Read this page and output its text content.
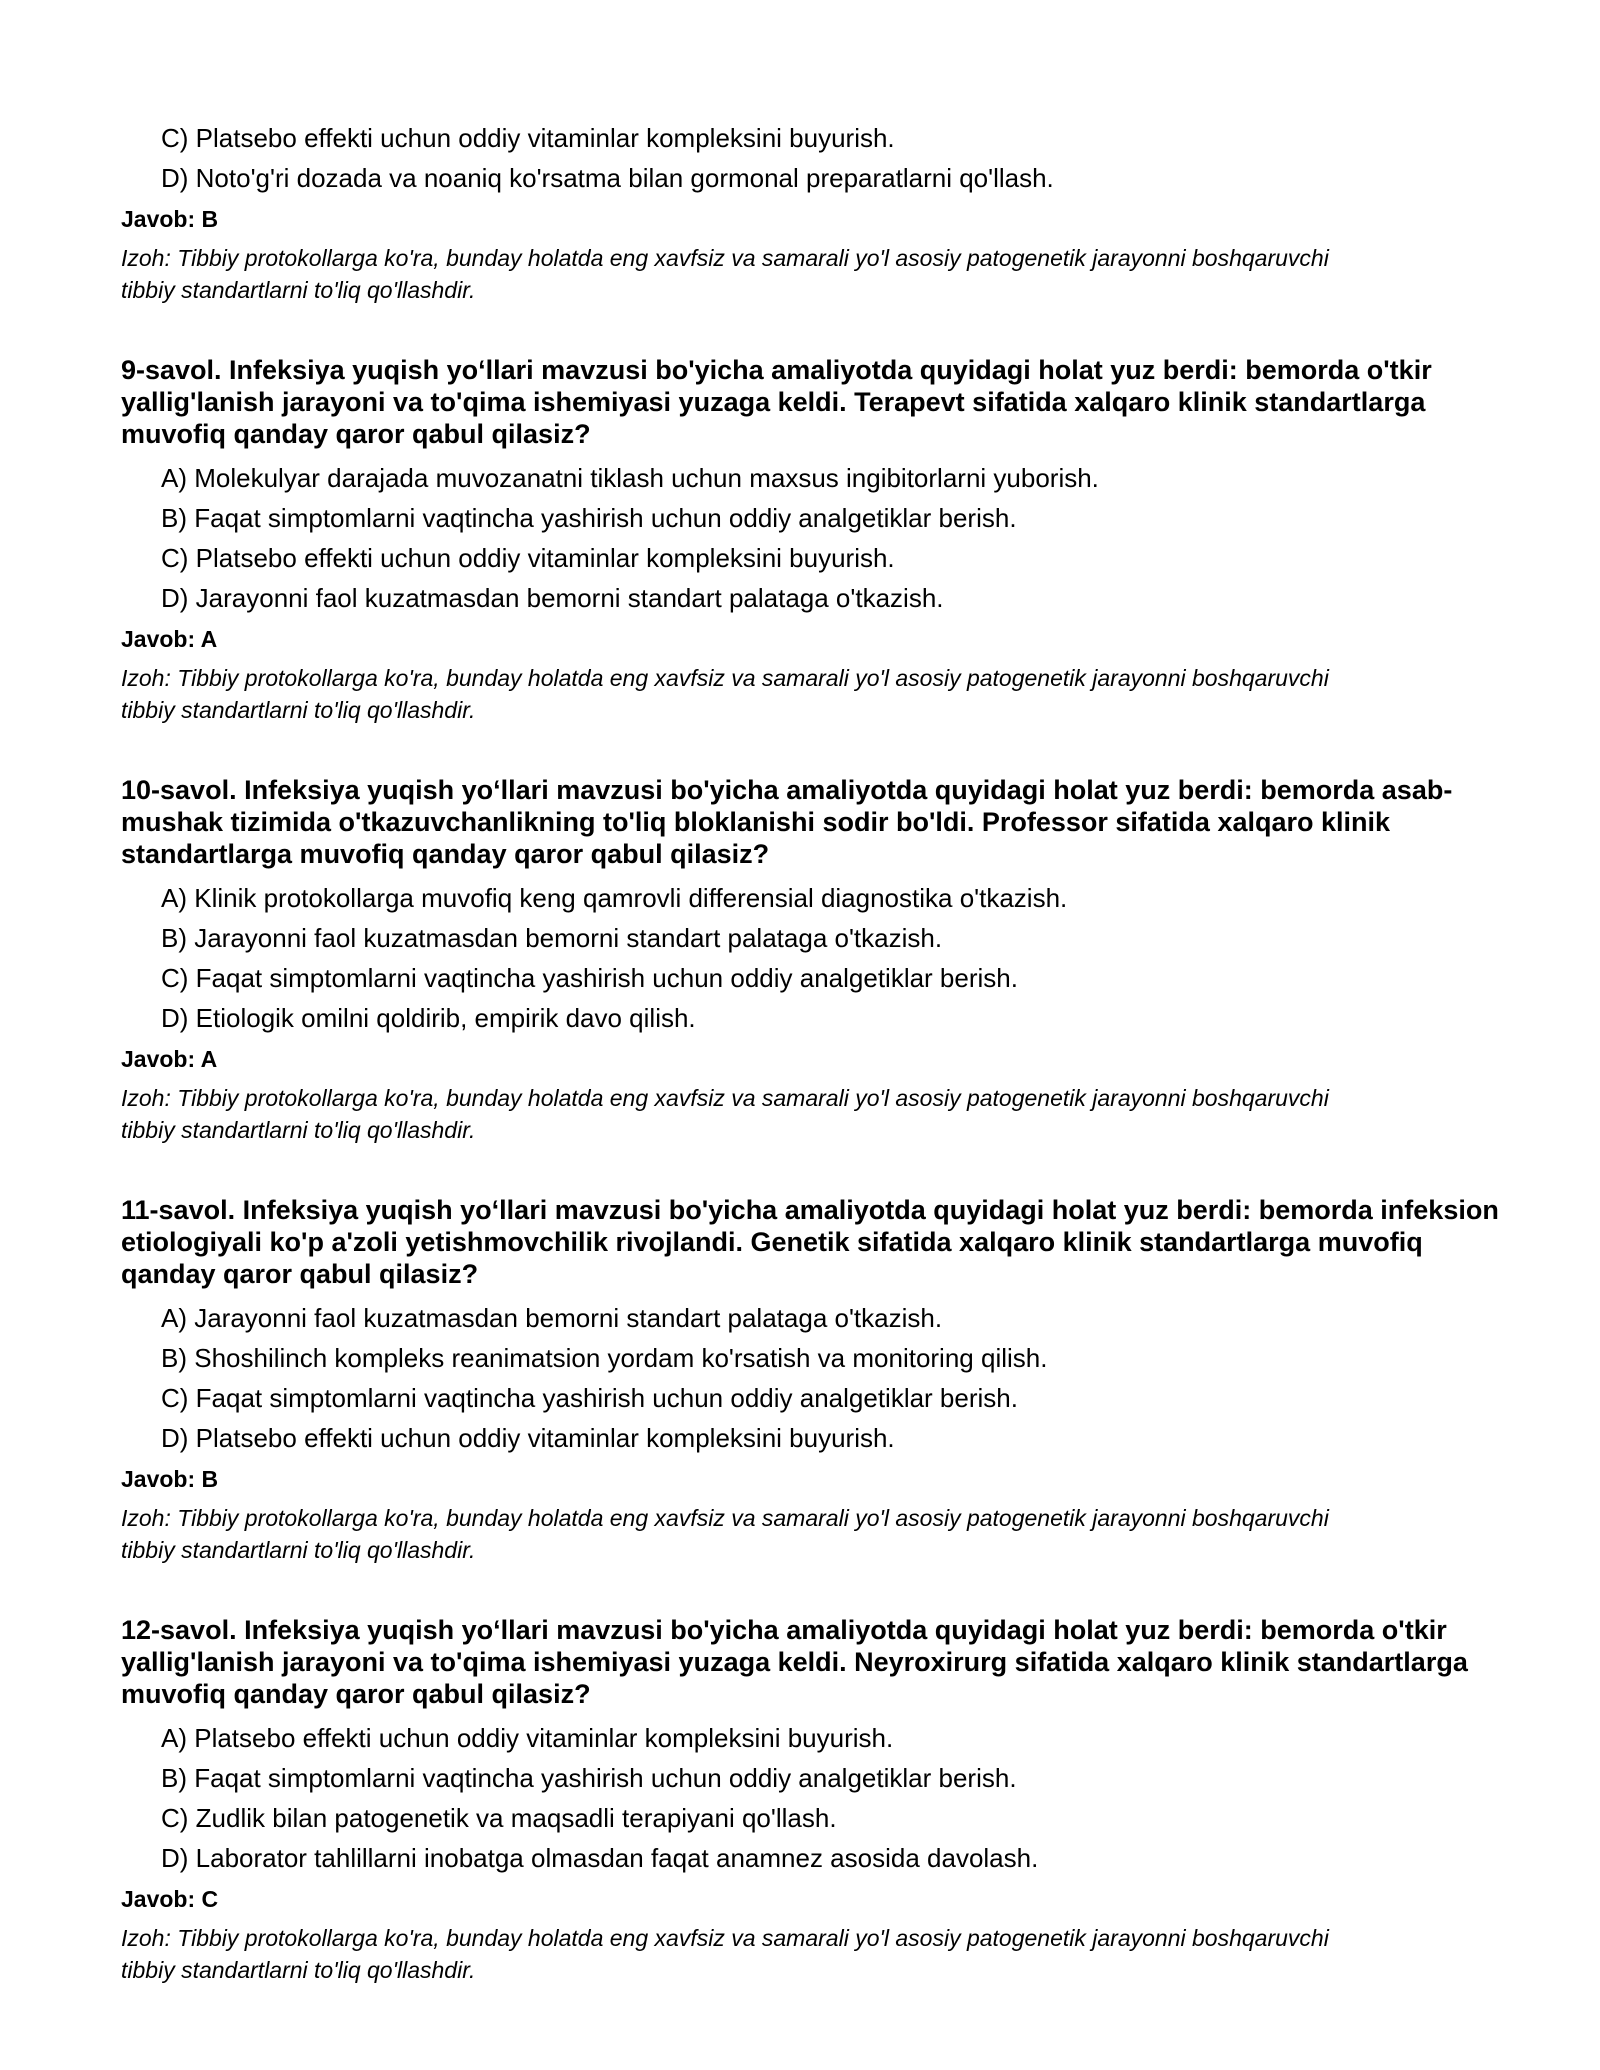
C) Platsebo effekti uchun oddiy vitaminlar kompleksini buyurish.
D) Noto'g'ri dozada va noaniq ko'rsatma bilan gormonal preparatlarni qo'llash.
Javob: B
Izoh: Tibbiy protokollarga ko'ra, bunday holatda eng xavfsiz va samarali yo'l asosiy patogenetik jarayonni boshqaruvchi tibbiy standartlarni to'liq qo'llashdir.
9-savol. Infeksiya yuqish yo‘llari mavzusi bo'yicha amaliyotda quyidagi holat yuz berdi: bemorda o'tkir yallig'lanish jarayoni va to'qima ishemiyasi yuzaga keldi. Terapevt sifatida xalqaro klinik standartlarga muvofiq qanday qaror qabul qilasiz?
A) Molekulyar darajada muvozanatni tiklash uchun maxsus ingibitorlarni yuborish.
B) Faqat simptomlarni vaqtincha yashirish uchun oddiy analgetiklar berish.
C) Platsebo effekti uchun oddiy vitaminlar kompleksini buyurish.
D) Jarayonni faol kuzatmasdan bemorni standart palataga o'tkazish.
Javob: A
Izoh: Tibbiy protokollarga ko'ra, bunday holatda eng xavfsiz va samarali yo'l asosiy patogenetik jarayonni boshqaruvchi tibbiy standartlarni to'liq qo'llashdir.
10-savol. Infeksiya yuqish yo‘llari mavzusi bo'yicha amaliyotda quyidagi holat yuz berdi: bemorda asab-mushak tizimida o'tkazuvchanlikning to'liq bloklanishi sodir bo'ldi. Professor sifatida xalqaro klinik standartlarga muvofiq qanday qaror qabul qilasiz?
A) Klinik protokollarga muvofiq keng qamrovli differensial diagnostika o'tkazish.
B) Jarayonni faol kuzatmasdan bemorni standart palataga o'tkazish.
C) Faqat simptomlarni vaqtincha yashirish uchun oddiy analgetiklar berish.
D) Etiologik omilni qoldirib, empirik davo qilish.
Javob: A
Izoh: Tibbiy protokollarga ko'ra, bunday holatda eng xavfsiz va samarali yo'l asosiy patogenetik jarayonni boshqaruvchi tibbiy standartlarni to'liq qo'llashdir.
11-savol. Infeksiya yuqish yo‘llari mavzusi bo'yicha amaliyotda quyidagi holat yuz berdi: bemorda infeksion etiologiyali ko'p a'zoli yetishmovchilik rivojlandi. Genetik sifatida xalqaro klinik standartlarga muvofiq qanday qaror qabul qilasiz?
A) Jarayonni faol kuzatmasdan bemorni standart palataga o'tkazish.
B) Shoshilinch kompleks reanimatsion yordam ko'rsatish va monitoring qilish.
C) Faqat simptomlarni vaqtincha yashirish uchun oddiy analgetiklar berish.
D) Platsebo effekti uchun oddiy vitaminlar kompleksini buyurish.
Javob: B
Izoh: Tibbiy protokollarga ko'ra, bunday holatda eng xavfsiz va samarali yo'l asosiy patogenetik jarayonni boshqaruvchi tibbiy standartlarni to'liq qo'llashdir.
12-savol. Infeksiya yuqish yo‘llari mavzusi bo'yicha amaliyotda quyidagi holat yuz berdi: bemorda o'tkir yallig'lanish jarayoni va to'qima ishemiyasi yuzaga keldi. Neyroxirurg sifatida xalqaro klinik standartlarga muvofiq qanday qaror qabul qilasiz?
A) Platsebo effekti uchun oddiy vitaminlar kompleksini buyurish.
B) Faqat simptomlarni vaqtincha yashirish uchun oddiy analgetiklar berish.
C) Zudlik bilan patogenetik va maqsadli terapiyani qo'llash.
D) Laborator tahlillarni inobatga olmasdan faqat anamnez asosida davolash.
Javob: C
Izoh: Tibbiy protokollarga ko'ra, bunday holatda eng xavfsiz va samarali yo'l asosiy patogenetik jarayonni boshqaruvchi tibbiy standartlarni to'liq qo'llashdir.
